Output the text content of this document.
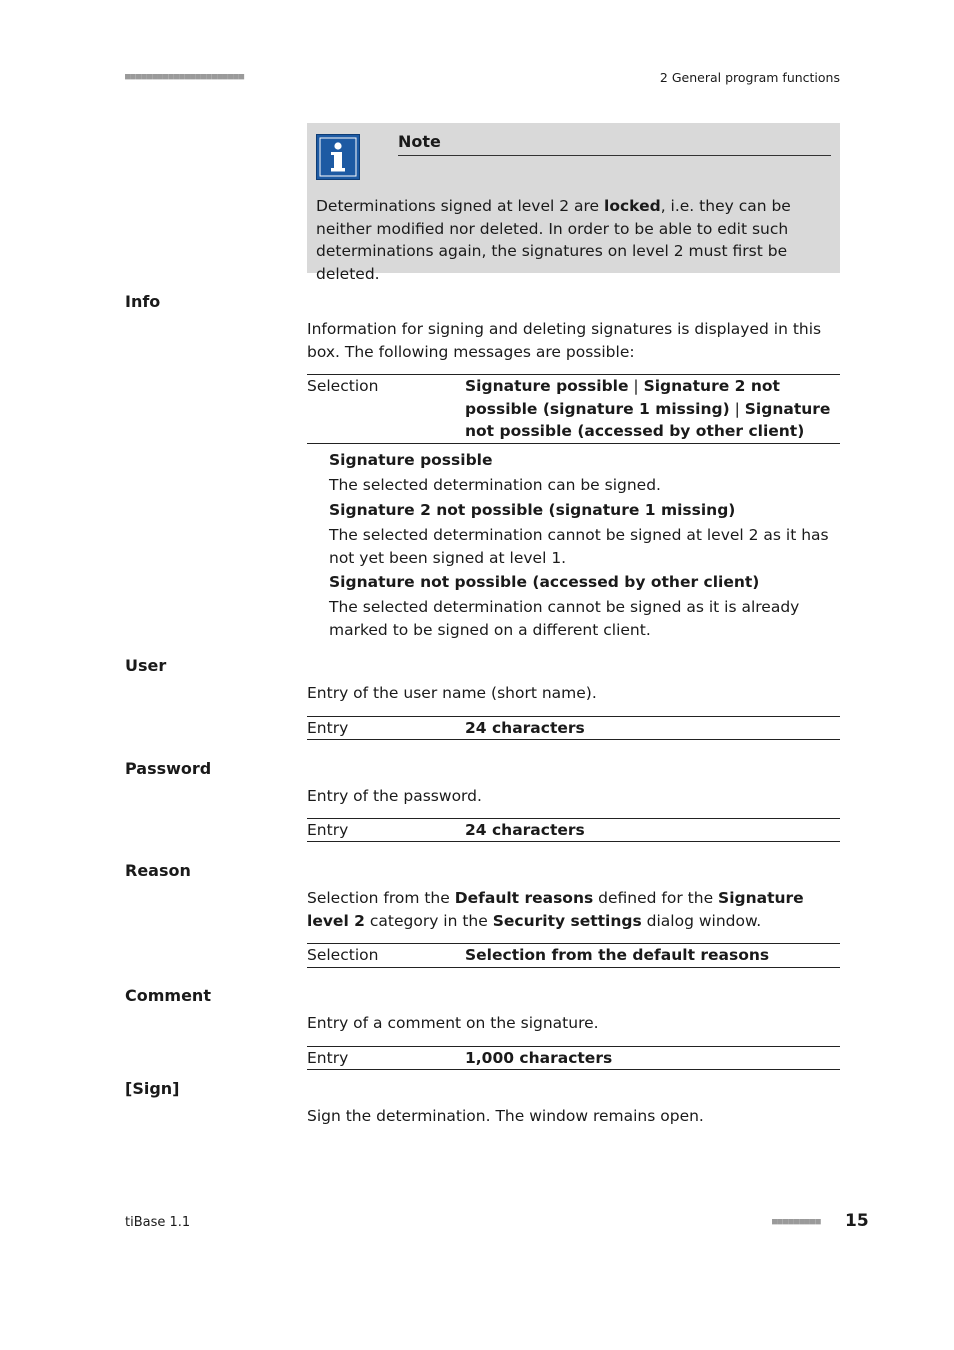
■■■■■■■■■■■■■■■■■■■■■■	2 General program functions
Note
Determinations signed at level 2 are locked, i.e. they can be neither modified nor deleted. In order to be able to edit such determinations again, the signatures on level 2 must first be deleted.
Info
Information for signing and deleting signatures is displayed in this box. The following messages are possible:
Selection	Signature possible | Signature 2 not possible (signature 1 missing) | Signature not possible (accessed by other client)
Signature possible
The selected determination can be signed.
Signature 2 not possible (signature 1 missing)
The selected determination cannot be signed at level 2 as it has not yet been signed at level 1.
Signature not possible (accessed by other client)
The selected determination cannot be signed as it is already marked to be signed on a different client.
User
Entry of the user name (short name).
Entry	24 characters
Password
Entry of the password.
Entry	24 characters
Reason
Selection from the Default reasons defined for the Signature level 2 category in the Security settings dialog window.
Selection	Selection from the default reasons
Comment
Entry of a comment on the signature.
Entry	1,000 characters
[Sign]
Sign the determination. The window remains open.
tiBase 1.1	■■■■■■■■■ 15
